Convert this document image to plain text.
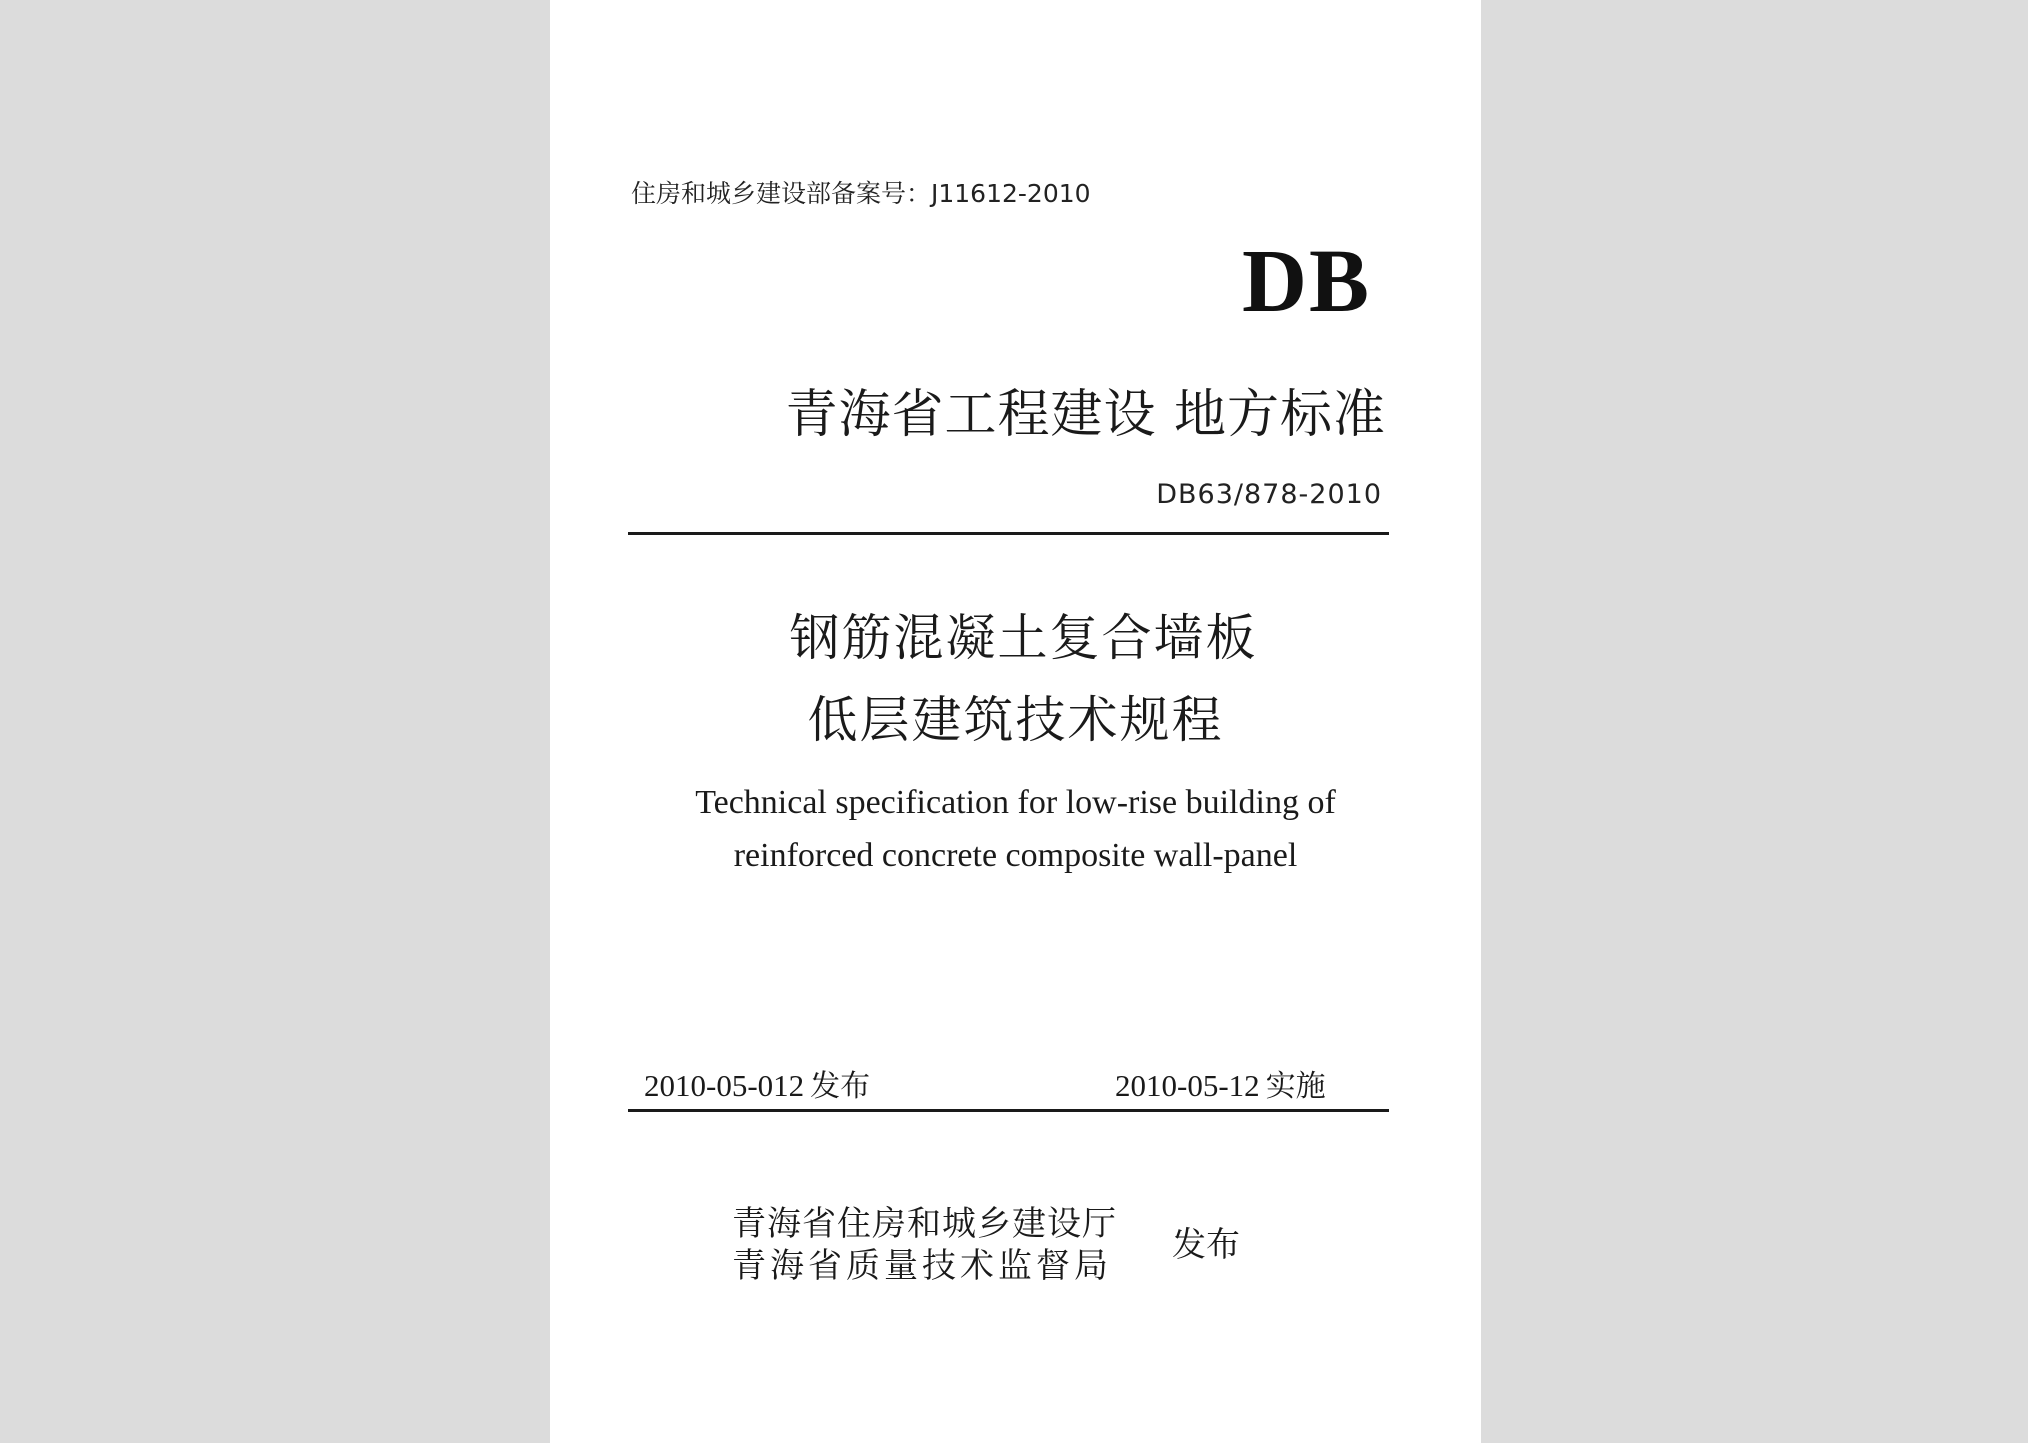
住房和城乡建设部备案号：J11612-2010

DB

青海省工程建设 地方标准

DB63/878-2010

钢筋混凝土复合墙板

低层建筑技术规程

Technical specification for low-rise building of

reinforced concrete composite wall-panel

2010-05-012 发布	2010-05-12 实施

青海省住房和城乡建设厅

青海省质量技术监督局

发布
